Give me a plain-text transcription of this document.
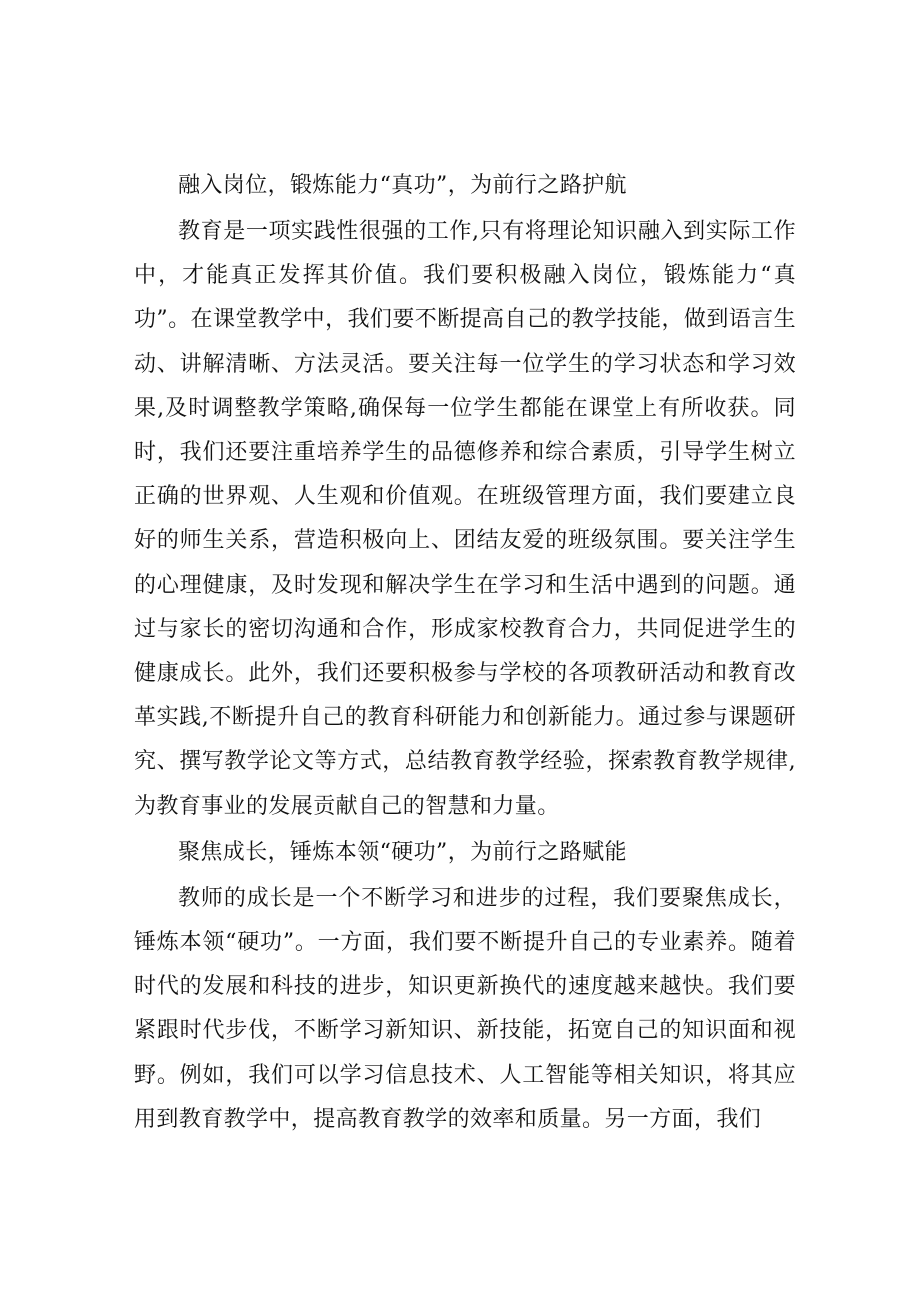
融入岗位，锻炼能力“真功”，为前行之路护航

教育是一项实践性很强的工作,只有将理论知识融入到实际工作中，才能真正发挥其价值。我们要积极融入岗位，锻炼能力“真功”。在课堂教学中，我们要不断提高自己的教学技能，做到语言生动、讲解清晰、方法灵活。要关注每一位学生的学习状态和学习效果,及时调整教学策略,确保每一位学生都能在课堂上有所收获。同时，我们还要注重培养学生的品德修养和综合素质，引导学生树立正确的世界观、人生观和价值观。在班级管理方面，我们要建立良好的师生关系，营造积极向上、团结友爱的班级氛围。要关注学生的心理健康，及时发现和解决学生在学习和生活中遇到的问题。通过与家长的密切沟通和合作，形成家校教育合力，共同促进学生的健康成长。此外，我们还要积极参与学校的各项教研活动和教育改革实践,不断提升自己的教育科研能力和创新能力。通过参与课题研究、撰写教学论文等方式，总结教育教学经验，探索教育教学规律,为教育事业的发展贡献自己的智慧和力量。

聚焦成长，锤炼本领“硬功”，为前行之路赋能

教师的成长是一个不断学习和进步的过程，我们要聚焦成长，锤炼本领“硬功”。一方面，我们要不断提升自己的专业素养。随着时代的发展和科技的进步，知识更新换代的速度越来越快。我们要紧跟时代步伐，不断学习新知识、新技能，拓宽自己的知识面和视野。例如，我们可以学习信息技术、人工智能等相关知识，将其应用到教育教学中，提高教育教学的效率和质量。另一方面，我们
